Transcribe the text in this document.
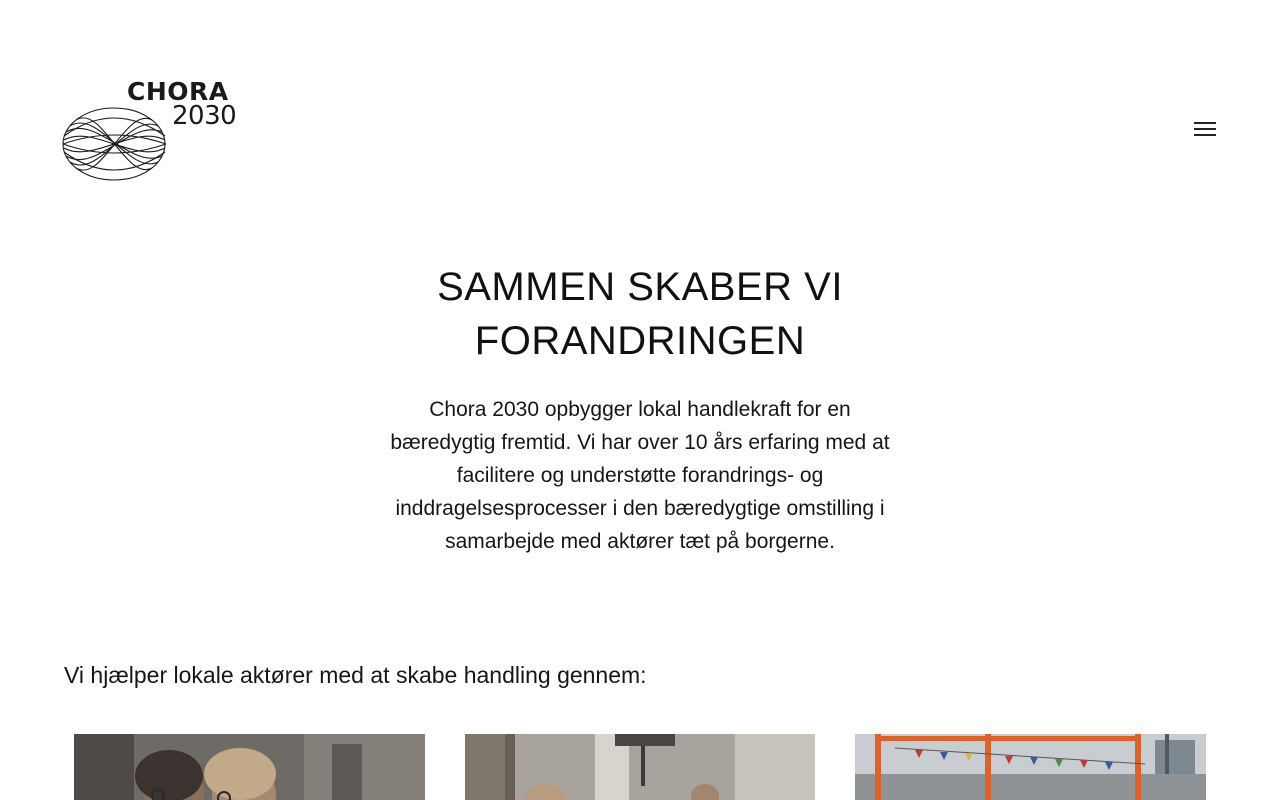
CHORA
2030
SAMMEN SKABER VI
FORANDRINGEN

Chora 2030 opbygger lokal handlekraft for en
bæredygtig fremtid. Vi har over 10 års erfaring med at
facilitere og understøtte forandrings- og
inddragelsesprocesser i den bæredygtige omstilling i
samarbejde med aktører tæt på borgerne.

Vi hjælper lokale aktører med at skabe handling gennem:
